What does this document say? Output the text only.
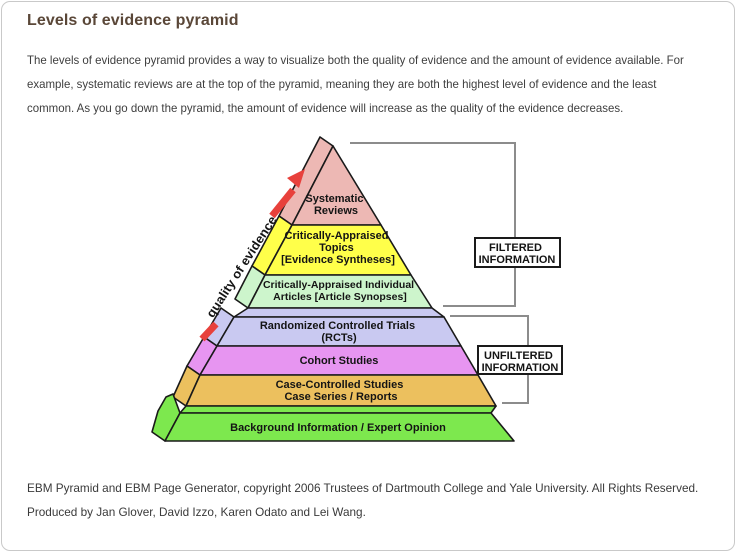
Levels of evidence pyramid
The levels of evidence pyramid provides a way to visualize both the quality of evidence and the amount of evidence available. For
example, systematic reviews are at the top of the pyramid, meaning they are both the highest level of evidence and the least
common. As you go down the pyramid, the amount of evidence will increase as the quality of the evidence decreases.
Systematic Reviews
Critically-Appraised Topics [Evidence Syntheses]
Critically-Appraised Individual Articles [Article Synopses]
Randomized Controlled Trials (RCTs)
Cohort Studies
Case-Controlled Studies Case Series / Reports
Background Information / Expert Opinion
FILTERED INFORMATION
UNFILTERED INFORMATION
quality of evidence
EBM Pyramid and EBM Page Generator, copyright 2006 Trustees of Dartmouth College and Yale University. All Rights Reserved.
Produced by Jan Glover, David Izzo, Karen Odato and Lei Wang.
